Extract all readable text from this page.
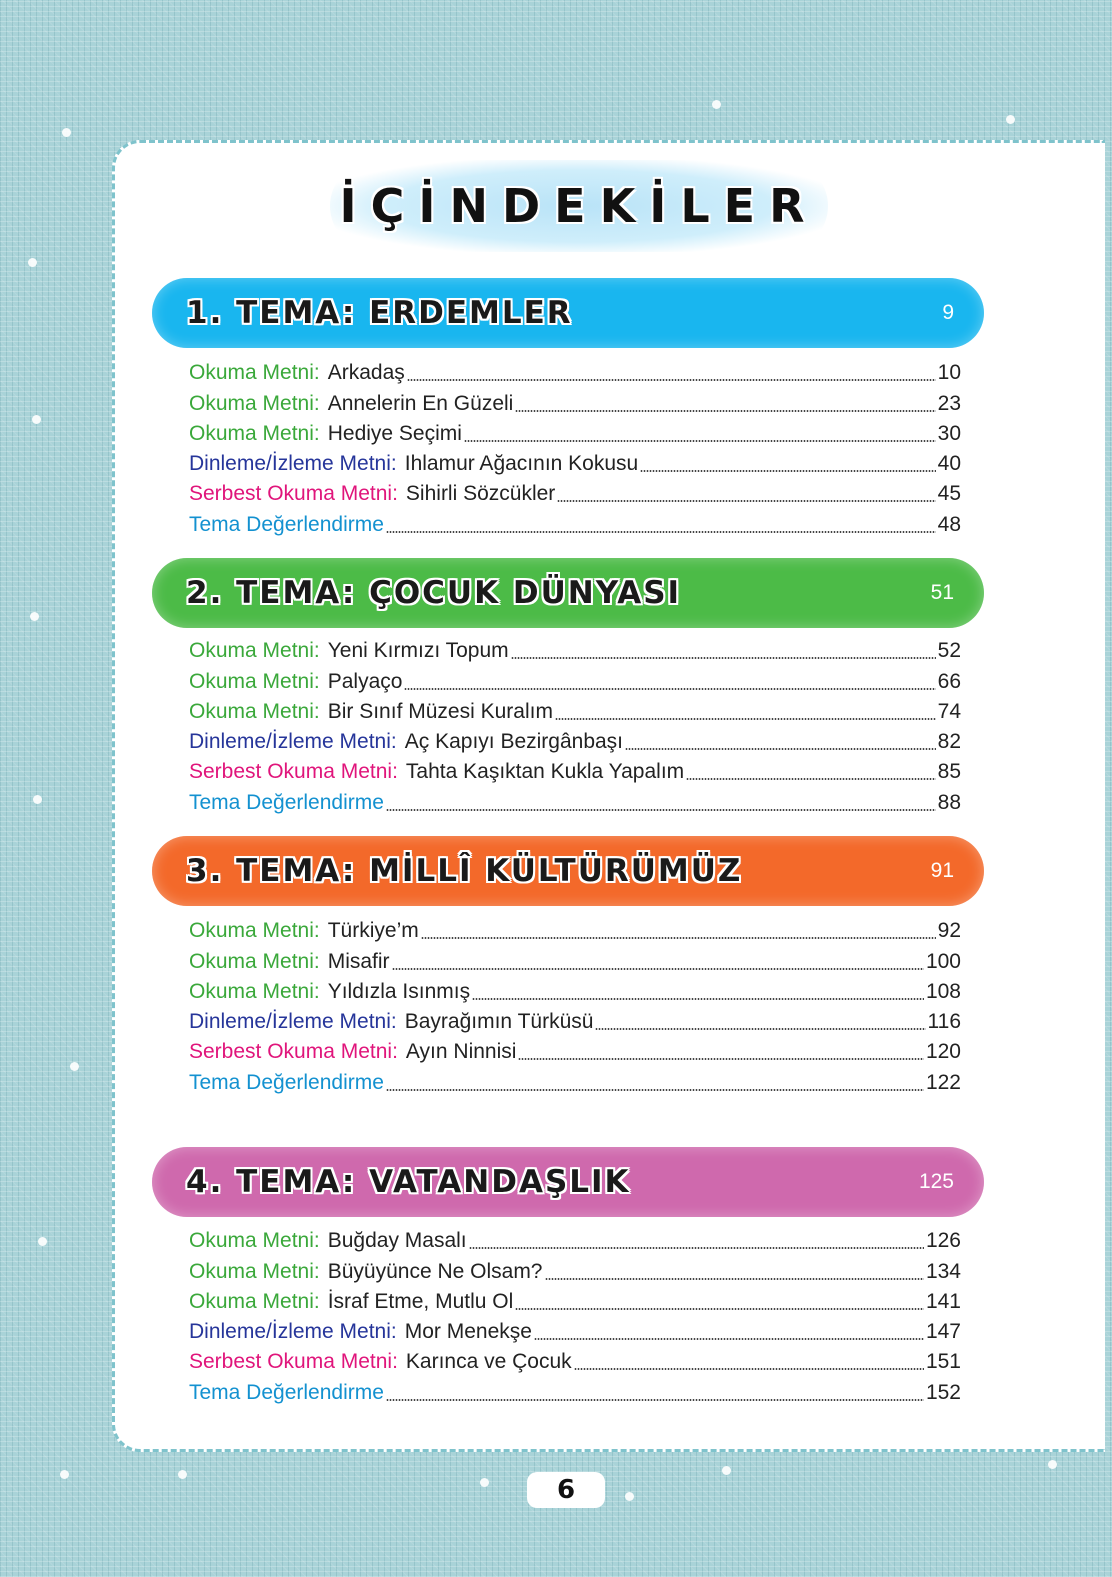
İÇİNDEKİLER
1. TEMA: ERDEMLER	9
Okuma Metni: Arkadaş	10
Okuma Metni: Annelerin En Güzeli	23
Okuma Metni: Hediye Seçimi	30
Dinleme/İzleme Metni: Ihlamur Ağacının Kokusu	40
Serbest Okuma Metni: Sihirli Sözcükler	45
Tema Değerlendirme	48
2. TEMA: ÇOCUK DÜNYASI	51
Okuma Metni: Yeni Kırmızı Topum	52
Okuma Metni: Palyaço	66
Okuma Metni: Bir Sınıf Müzesi Kuralım	74
Dinleme/İzleme Metni: Aç Kapıyı Bezirgânbaşı	82
Serbest Okuma Metni: Tahta Kaşıktan Kukla Yapalım	85
Tema Değerlendirme	88
3. TEMA: MİLLÎ KÜLTÜRÜMÜZ	91
Okuma Metni: Türkiye’m	92
Okuma Metni: Misafir	100
Okuma Metni: Yıldızla Isınmış	108
Dinleme/İzleme Metni: Bayrağımın Türküsü	116
Serbest Okuma Metni: Ayın Ninnisi	120
Tema Değerlendirme	122
4. TEMA: VATANDAŞLIK	125
Okuma Metni: Buğday Masalı	126
Okuma Metni: Büyüyünce Ne Olsam?	134
Okuma Metni: İsraf Etme, Mutlu Ol	141
Dinleme/İzleme Metni: Mor Menekşe	147
Serbest Okuma Metni: Karınca ve Çocuk	151
Tema Değerlendirme	152
6
